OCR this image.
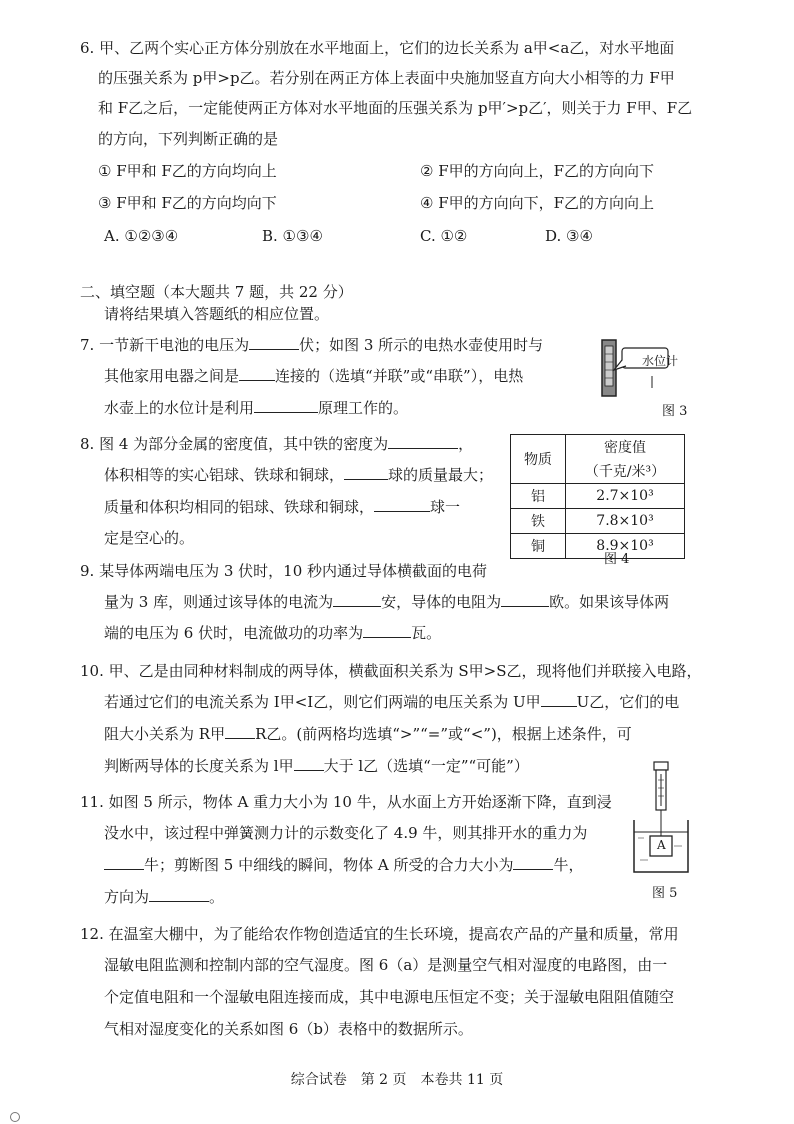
6. 甲、乙两个实心正方体分别放在水平地面上，它们的边长关系为 a甲<a乙，对水平地面
的压强关系为 p甲>p乙。若分别在两正方体上表面中央施加竖直方向大小相等的力 F甲
和 F乙之后，一定能使两正方体对水平地面的压强关系为 p甲′>p乙′，则关于力 F甲、F乙
的方向，下列判断正确的是
① F甲和 F乙的方向均向上	② F甲的方向向上，F乙的方向向下
③ F甲和 F乙的方向均向下	④ F甲的方向向下，F乙的方向向上
A. ①②③④	B. ①③④	C. ①②	D. ③④
二、填空题（本大题共 7 题，共 22 分）
请将结果填入答题纸的相应位置。
7. 一节新干电池的电压为	伏；如图 3 所示的电热水壶使用时与
其他家用电器之间是 连接的（选填“并联”或“串联”），电热
水壶上的水位计是利用	原理工作的。
水位计
图 3
8. 图 4 为部分金属的密度值，其中铁的密度为	，
体积相等的实心铝球、铁球和铜球，	球的质量最大；
质量和体积均相同的铝球、铁球和铜球，	球一
定是空心的。
物质	密度值
	（千克/米³）
铝	2.7×10³
铁	7.8×10³
铜	8.9×10³
图 4
9. 某导体两端电压为 3 伏时，10 秒内通过导体横截面的电荷
量为 3 库，则通过该导体的电流为	安，导体的电阻为	欧。如果该导体两
端的电压为 6 伏时，电流做功的功率为	瓦。
10. 甲、乙是由同种材料制成的两导体，横截面积关系为 S甲>S乙，现将他们并联接入电路，
若通过它们的电流关系为 I甲<I乙，则它们两端的电压关系为 U甲 U乙，它们的电
阻大小关系为 R甲 R乙。(前两格均选填“>”“=”或“<”)，根据上述条件，可
判断两导体的长度关系为 l甲 大于 l乙（选填“一定”“可能”）
11. 如图 5 所示，物体 A 重力大小为 10 牛，从水面上方开始逐渐下降，直到浸
没水中，该过程中弹簧测力计的示数变化了 4.9 牛，则其排开水的重力为
牛；剪断图 5 中细线的瞬间，物体 A 所受的合力大小为	牛，
方向为	。
A
图 5
12. 在温室大棚中，为了能给农作物创造适宜的生长环境，提高农产品的产量和质量，常用
湿敏电阻监测和控制内部的空气湿度。图 6（a）是测量空气相对湿度的电路图，由一
个定值电阻和一个湿敏电阻连接而成，其中电源电压恒定不变；关于湿敏电阻阻值随空
气相对湿度变化的关系如图 6（b）表格中的数据所示。
综合试卷　第 2 页　本卷共 11 页
